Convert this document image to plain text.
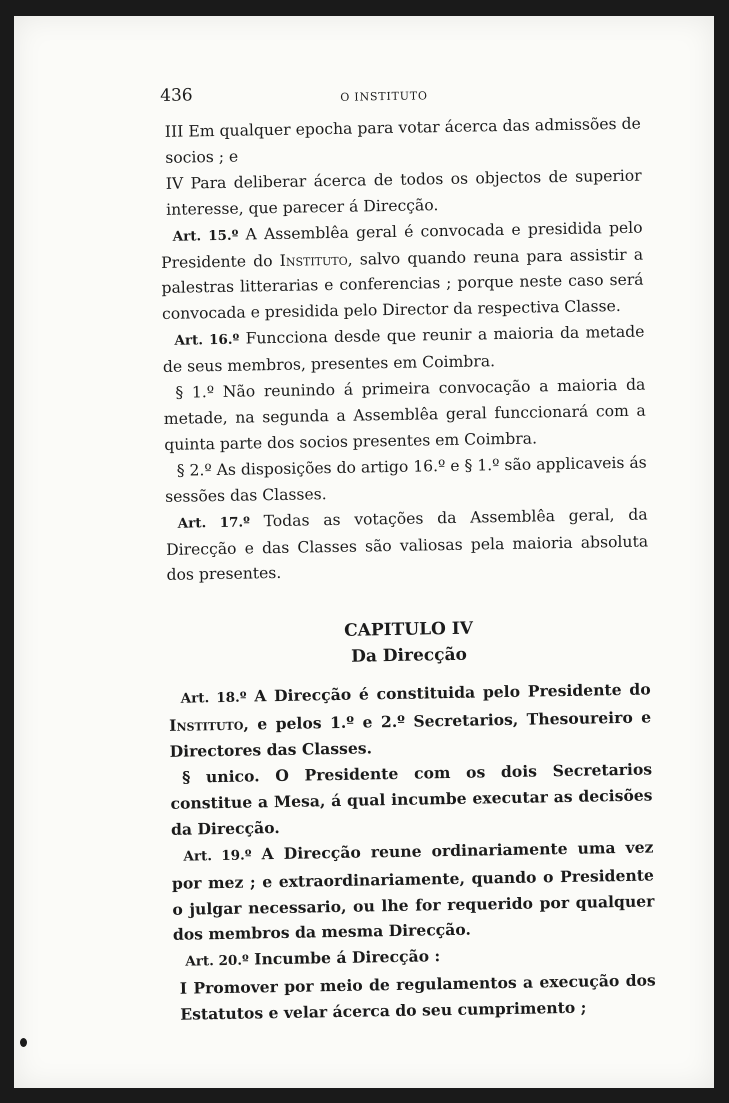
436	O INSTITUTO

III Em qualquer epocha para votar ácerca das admissões de socios ; e

IV Para deliberar ácerca de todos os objectos de superior interesse, que parecer á Direcção.

Art. 15.º A Assemblêa geral é convocada e presidida pelo Presidente do Instituto, salvo quando reuna para assistir a palestras litterarias e conferencias ; porque neste caso será convocada e presidida pelo Director da respectiva Classe.

Art. 16.º Funcciona desde que reunir a maioria da metade de seus membros, presentes em Coimbra.

§ 1.º Não reunindo á primeira convocação a maioria da metade, na segunda a Assemblêa geral funccionará com a quinta parte dos socios presentes em Coimbra.

§ 2.º As disposições do artigo 16.º e § 1.º são applicaveis ás sessões das Classes.

Art. 17.º Todas as votações da Assemblêa geral, da Direcção e das Classes são valiosas pela maioria absoluta dos presentes.

CAPITULO IV
Da Direcção

Art. 18.º A Direcção é constituida pelo Presidente do Instituto, e pelos 1.º e 2.º Secretarios, Thesoureiro e Directores das Classes.

§ unico. O Presidente com os dois Secretarios constitue a Mesa, á qual incumbe executar as decisões da Direcção.

Art. 19.º A Direcção reune ordinariamente uma vez por mez ; e extraordinariamente, quando o Presidente o julgar necessario, ou lhe for requerido por qualquer dos membros da mesma Direcção.

Art. 20.º Incumbe á Direcção :

I Promover por meio de regulamentos a execução dos Estatutos e velar ácerca do seu cumprimento ;
